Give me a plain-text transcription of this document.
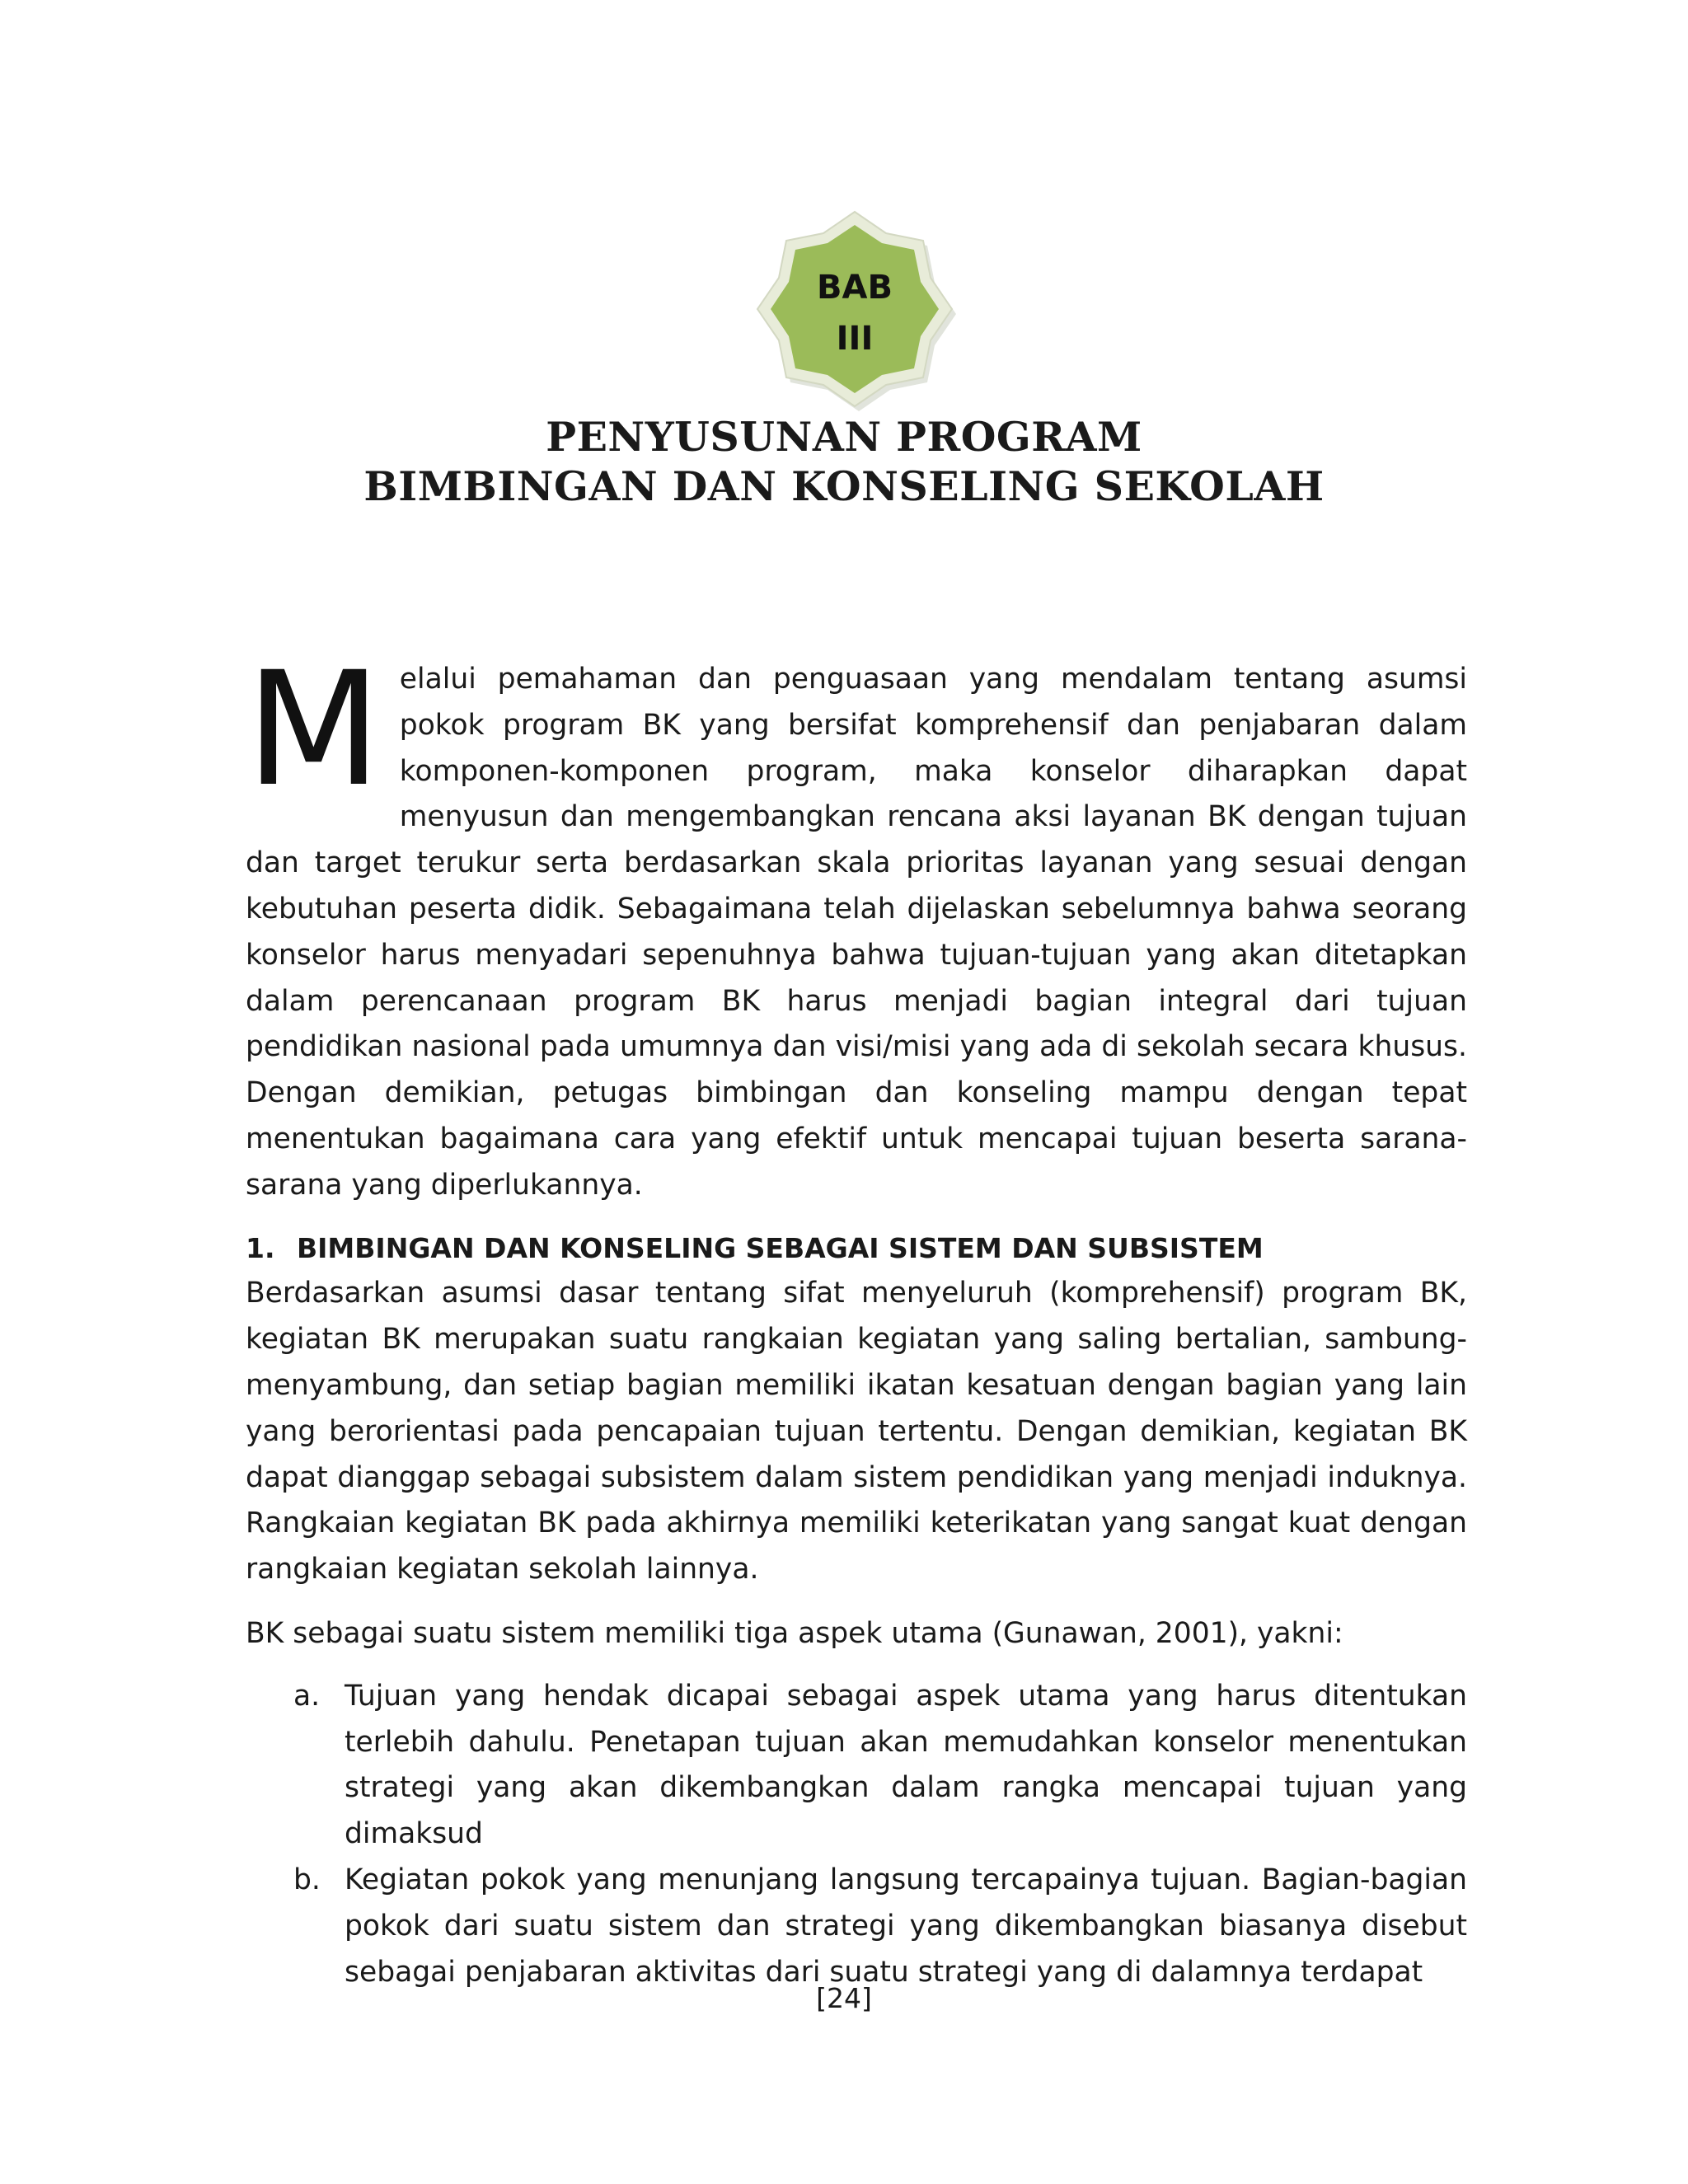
BAB
III
PENYUSUNAN PROGRAM
BIMBINGAN DAN KONSELING SEKOLAH

Melalui pemahaman dan penguasaan yang mendalam tentang asumsi pokok program BK yang bersifat komprehensif dan penjabaran dalam komponen-komponen program, maka konselor diharapkan dapat menyusun dan mengembangkan rencana aksi layanan BK dengan tujuan dan target terukur serta berdasarkan skala prioritas layanan yang sesuai dengan kebutuhan peserta didik. Sebagaimana telah dijelaskan sebelumnya bahwa seorang konselor harus menyadari sepenuhnya bahwa tujuan-tujuan yang akan ditetapkan dalam perencanaan program BK harus menjadi bagian integral dari tujuan pendidikan nasional pada umumnya dan visi/misi yang ada di sekolah secara khusus. Dengan demikian, petugas bimbingan dan konseling mampu dengan tepat menentukan bagaimana cara yang efektif untuk mencapai tujuan beserta sarana-sarana yang diperlukannya.

1. BIMBINGAN DAN KONSELING SEBAGAI SISTEM DAN SUBSISTEM

Berdasarkan asumsi dasar tentang sifat menyeluruh (komprehensif) program BK, kegiatan BK merupakan suatu rangkaian kegiatan yang saling bertalian, sambung-menyambung, dan setiap bagian memiliki ikatan kesatuan dengan bagian yang lain yang berorientasi pada pencapaian tujuan tertentu. Dengan demikian, kegiatan BK dapat dianggap sebagai subsistem dalam sistem pendidikan yang menjadi induknya. Rangkaian kegiatan BK pada akhirnya memiliki keterikatan yang sangat kuat dengan rangkaian kegiatan sekolah lainnya.

BK sebagai suatu sistem memiliki tiga aspek utama (Gunawan, 2001), yakni:

a. Tujuan yang hendak dicapai sebagai aspek utama yang harus ditentukan terlebih dahulu. Penetapan tujuan akan memudahkan konselor menentukan strategi yang akan dikembangkan dalam rangka mencapai tujuan yang dimaksud
b. Kegiatan pokok yang menunjang langsung tercapainya tujuan. Bagian-bagian pokok dari suatu sistem dan strategi yang dikembangkan biasanya disebut sebagai penjabaran aktivitas dari suatu strategi yang di dalamnya terdapat
[24]
